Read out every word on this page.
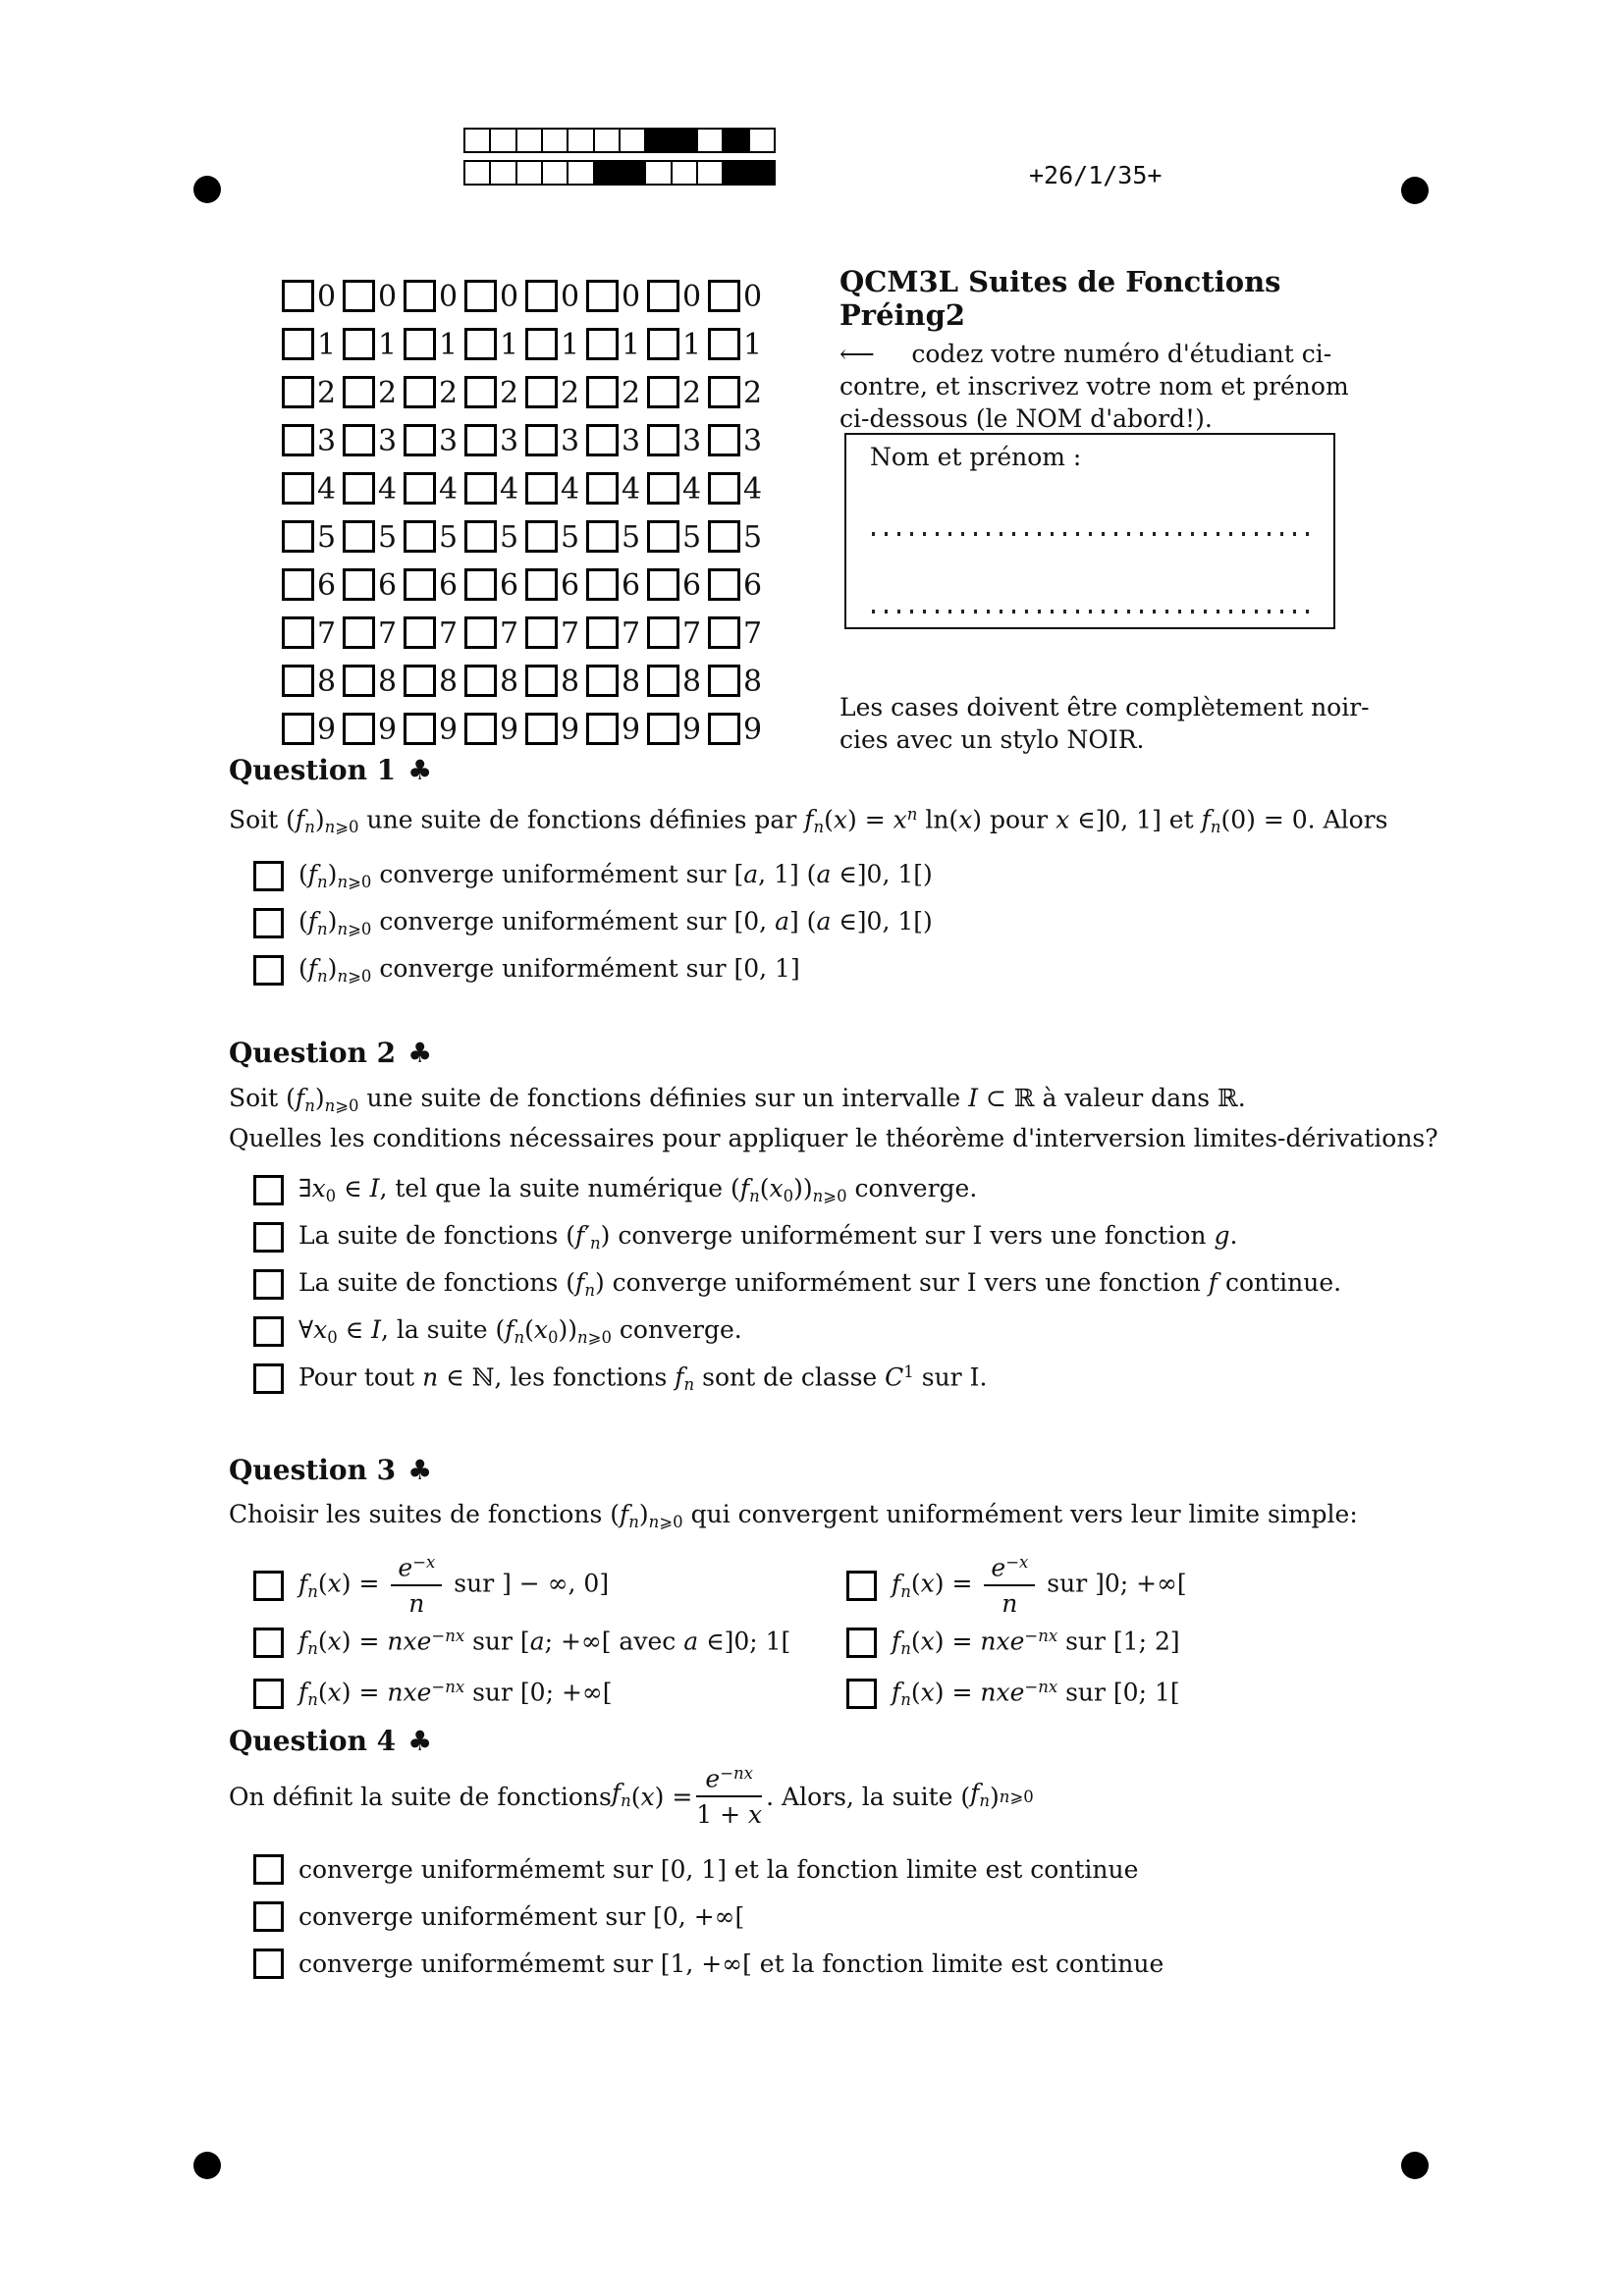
+26/1/35+
0 0 0 0 0 0 0 0
1 1 1 1 1 1 1 1
2 2 2 2 2 2 2 2
3 3 3 3 3 3 3 3
4 4 4 4 4 4 4 4
5 5 5 5 5 5 5 5
6 6 6 6 6 6 6 6
7 7 7 7 7 7 7 7
8 8 8 8 8 8 8 8
9 9 9 9 9 9 9 9
QCM3L Suites de Fonctions Préing2
⟵  codez votre numéro d'étudiant ci-
contre, et inscrivez votre nom et prénom
ci-dessous (le NOM d'abord!).
Nom et prénom :
Les cases doivent être complètement noir-
cies avec un stylo NOIR.
Question 1 ♣
Soit $(f_n)_{n⩾0}$ une suite de fonctions définies par $f_n(x) = x^n$ ln(x) pour x ∈]0, 1] et $f_n(0) = 0$. Alors
$(f_n)_{n⩾0}$ converge uniformément sur [a, 1] (a ∈]0, 1[)
$(f_n)_{n⩾0}$ converge uniformément sur [0, a] (a ∈]0, 1[)
$(f_n)_{n⩾0}$ converge uniformément sur [0, 1]
Question 2 ♣
Soit $(f_n)_{n⩾0}$ une suite de fonctions définies sur un intervalle I ⊂ ℝ à valeur dans ℝ.
Quelles les conditions nécessaires pour appliquer le théorème d'interversion limites-dérivations?
$\exists x_0$ ∈ I, tel que la suite numérique $(f_n(x_0))_{n⩾0}$ converge.
La suite de fonctions $(f'_n)$ converge uniformément sur I vers une fonction g.
La suite de fonctions $(f_n)$ converge uniformément sur I vers une fonction f continue.
$\forall x_0$ ∈ I, la suite $(f_n(x_0))_{n⩾0}$ converge.
Pour tout n ∈ ℕ, les fonctions $f_n$ sont de classe $C^1$ sur I.
Question 3 ♣
Choisir les suites de fonctions $(f_n)_{n⩾0}$ qui convergent uniformément vers leur limite simple:
$f_n(x) = \frac{e^{-x}}{n}$ sur ] − ∞, 0]
$f_n(x) = nxe^{-nx}$ sur [a; +∞[ avec a ∈]0; 1[
$f_n(x) = nxe^{-nx}$ sur [0; +∞[
$f_n(x) = \frac{e^{-x}}{n}$ sur ]0; +∞[
$f_n(x) = nxe^{-nx}$ sur [1; 2]
$f_n(x) = nxe^{-nx}$ sur [0; 1[
Question 4 ♣
On définit la suite de fonctions $f_n$ ( x ) = $\frac{e^{-nx}}{1 + x}$ . Alors, la suite ( $f_n$ ) n⩾0
converge uniformémemt sur [0, 1] et la fonction limite est continue
converge uniformément sur [0, +∞[
converge uniformémemt sur [1, +∞[ et la fonction limite est continue
